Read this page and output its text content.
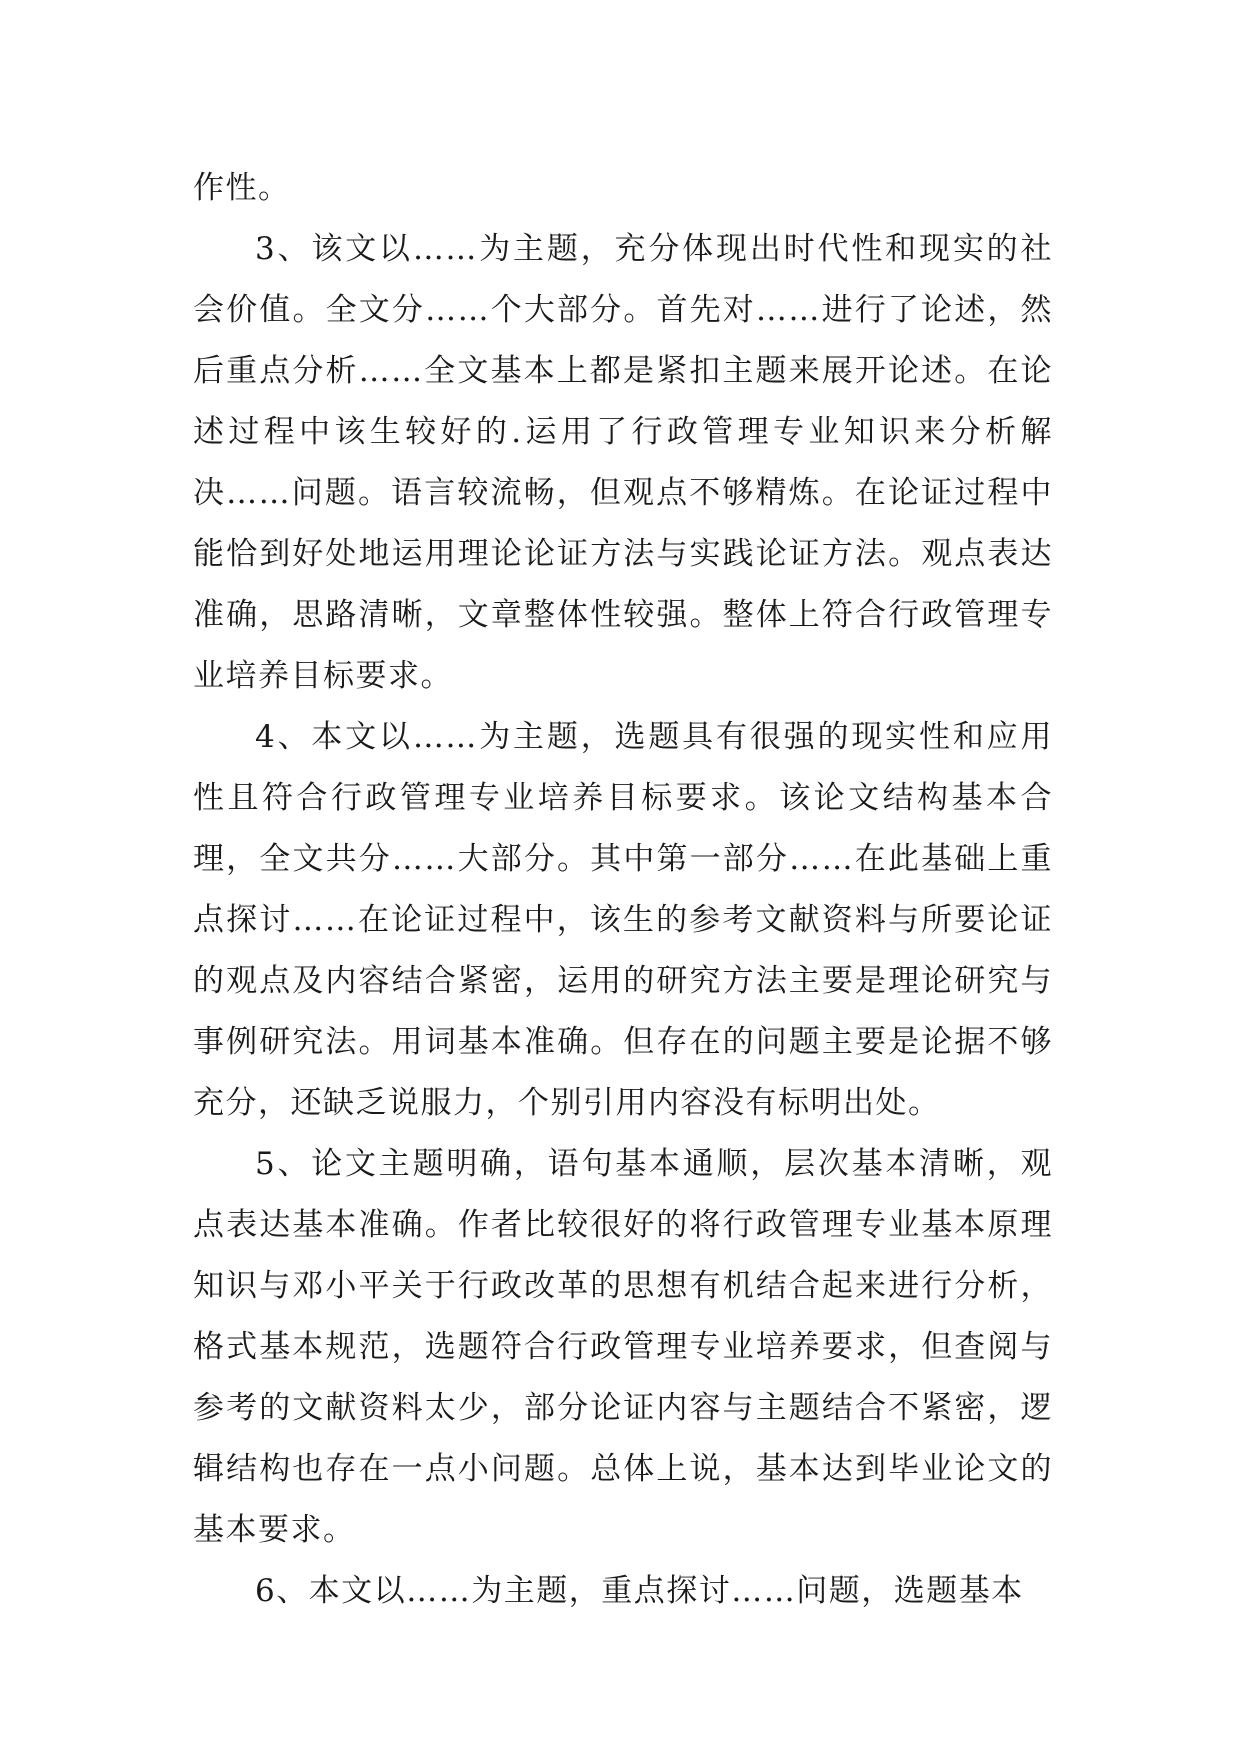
作性。

3、该文以……为主题，充分体现出时代性和现实的社会价值。全文分……个大部分。首先对……进行了论述，然后重点分析……全文基本上都是紧扣主题来展开论述。在论述过程中该生较好的.运用了行政管理专业知识来分析解决……问题。语言较流畅，但观点不够精炼。在论证过程中能恰到好处地运用理论论证方法与实践论证方法。观点表达准确，思路清晰，文章整体性较强。整体上符合行政管理专业培养目标要求。

4、本文以……为主题，选题具有很强的现实性和应用性且符合行政管理专业培养目标要求。该论文结构基本合理，全文共分……大部分。其中第一部分……在此基础上重点探讨……在论证过程中，该生的参考文献资料与所要论证的观点及内容结合紧密，运用的研究方法主要是理论研究与事例研究法。用词基本准确。但存在的问题主要是论据不够充分，还缺乏说服力，个别引用内容没有标明出处。

5、论文主题明确，语句基本通顺，层次基本清晰，观点表达基本准确。作者比较很好的将行政管理专业基本原理知识与邓小平关于行政改革的思想有机结合起来进行分析，格式基本规范，选题符合行政管理专业培养要求，但查阅与参考的文献资料太少，部分论证内容与主题结合不紧密，逻辑结构也存在一点小问题。总体上说，基本达到毕业论文的基本要求。

6、本文以……为主题，重点探讨……问题，选题基本
